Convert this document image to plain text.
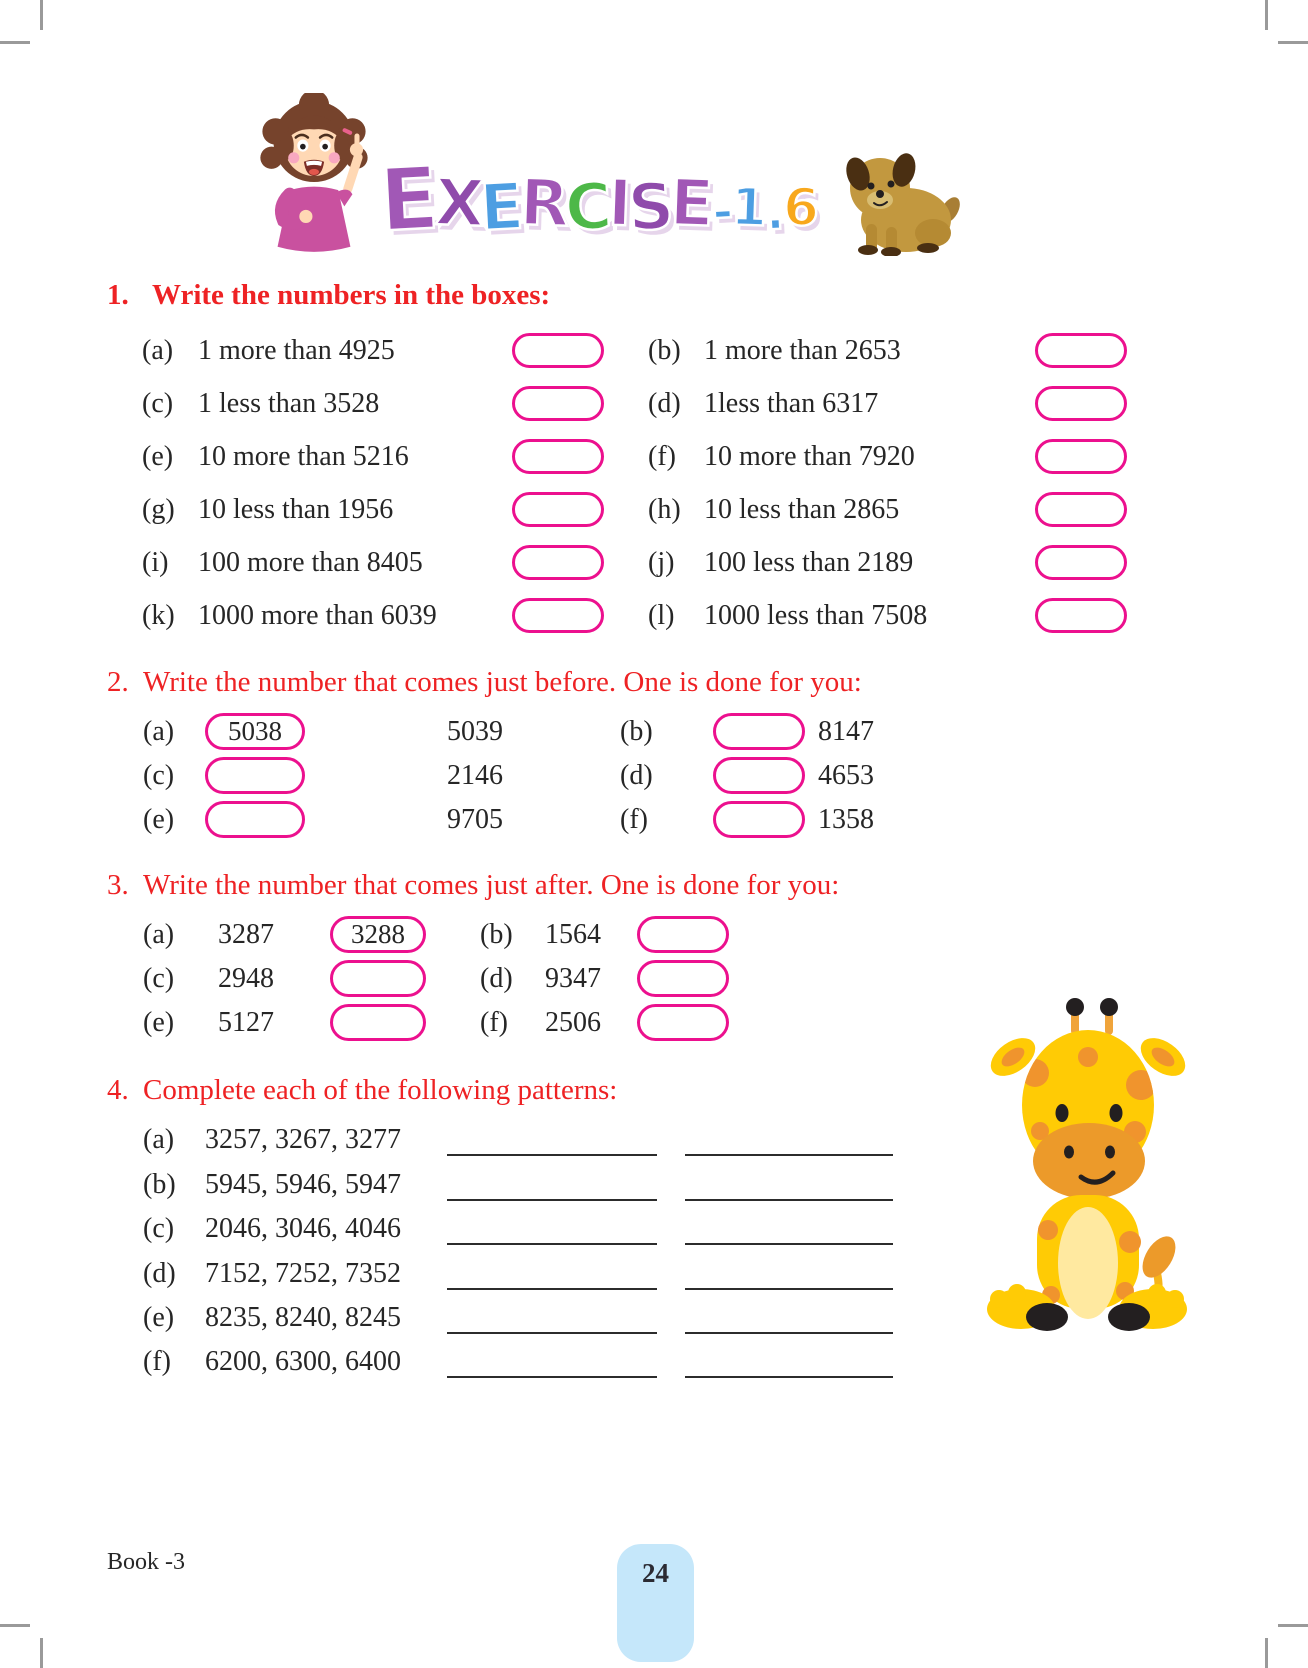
EXERCISE-1.6
1. Write the numbers in the boxes:
(a) 1 more than 4925	(b) 1 more than 2653
(c) 1 less than 3528	(d) 1less than 6317
(e) 10 more than 5216	(f)	10 more than 7920
(g) 10 less than 1956	(h) 10 less than 2865
(i)	100 more than 8405	(j)	100 less than 2189
(k) 1000 more than 6039	(l)	1000 less than 7508
2. Write the number that comes just before. One is done for you:
(a) 5038	5039	(b)	8147
(c)	2146	(d)	4653
(e)	9705	(f)	1358
3. Write the number that comes just after. One is done for you:
(a) 3287	3288	(b) 1564
(c) 2948	(d) 9347
(e) 5127	(f) 2506
4. Complete each of the following patterns:
(a) 3257, 3267, 3277
(b) 5945, 5946, 5947
(c) 2046, 3046, 4046
(d) 7152, 7252, 7352
(e) 8235, 8240, 8245
(f) 6200, 6300, 6400
Book -3	24
